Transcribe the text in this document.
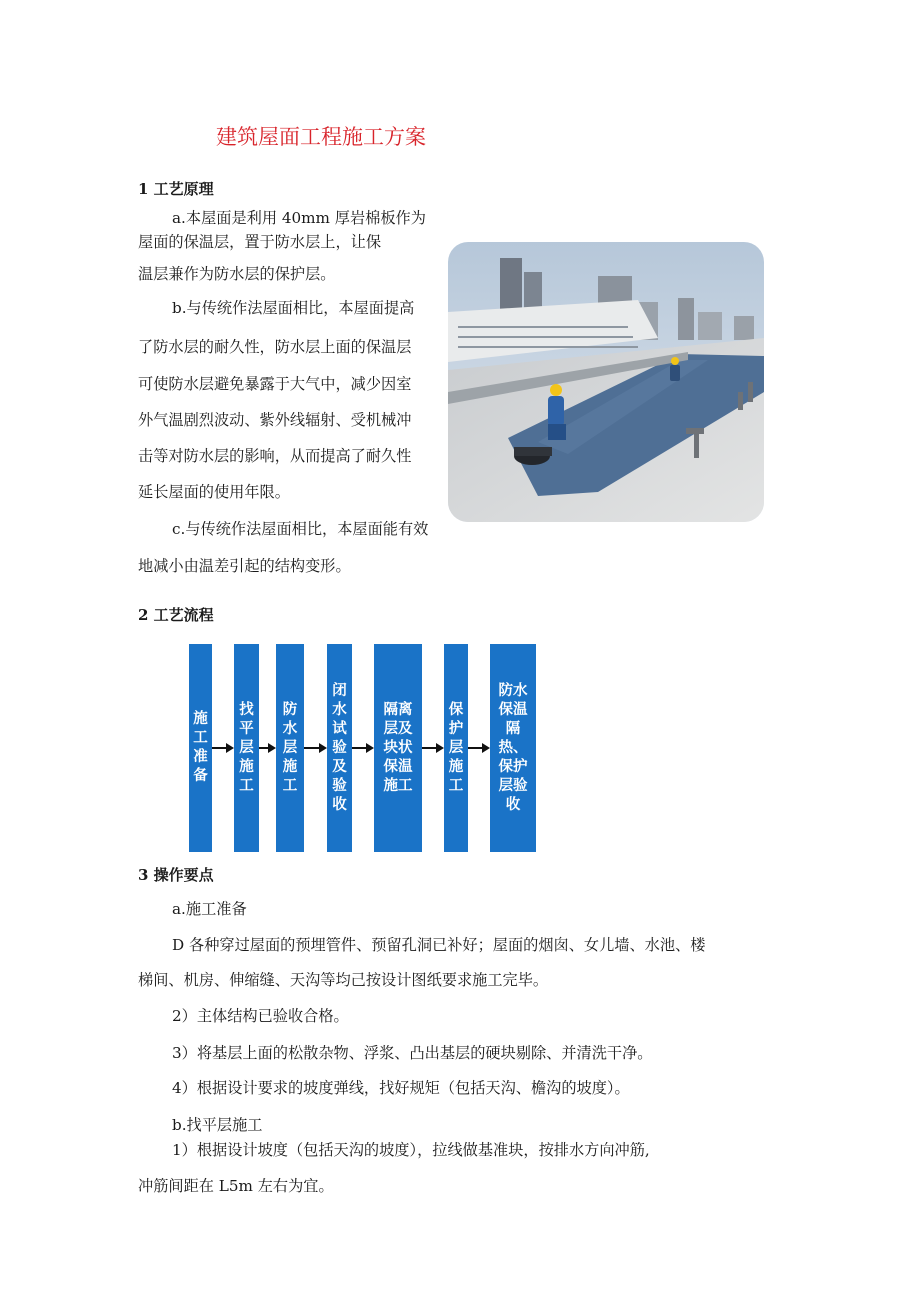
建筑屋面工程施工方案
1 工艺原理
a.本屋面是利用 40mm 厚岩棉板作为
屋面的保温层，置于防水层上，让保
温层兼作为防水层的保护层。
b.与传统作法屋面相比，本屋面提高
了防水层的耐久性，防水层上面的保温层
可使防水层避免暴露于大气中，减少因室
外气温剧烈波动、紫外线辐射、受机械冲
击等对防水层的影响，从而提高了耐久性
延长屋面的使用年限。
c.与传统作法屋面相比，本屋面能有效
地减小由温差引起的结构变形。
2 工艺流程
施
工
准
备
找
平
层
施
工
防
水
层
施
工
闭
水
试
验
及
验
收
隔离
层及
块状
保温
施工
保
护
层
施
工
防水
保温
隔
热、
保护
层验
收
3 操作要点
a.施工准备
D 各种穿过屋面的预埋管件、预留孔洞已补好；屋面的烟囱、女儿墙、水池、楼
梯间、机房、伸缩缝、天沟等均己按设计图纸要求施工完毕。
2）主体结构已验收合格。
3）将基层上面的松散杂物、浮浆、凸出基层的硬块剔除、并清洗干净。
4）根据设计要求的坡度弹线，找好规矩（包括天沟、檐沟的坡度）。
b.找平层施工
1）根据设计坡度（包括天沟的坡度），拉线做基准块，按排水方向冲筋,
冲筋间距在 L5m 左右为宜。
